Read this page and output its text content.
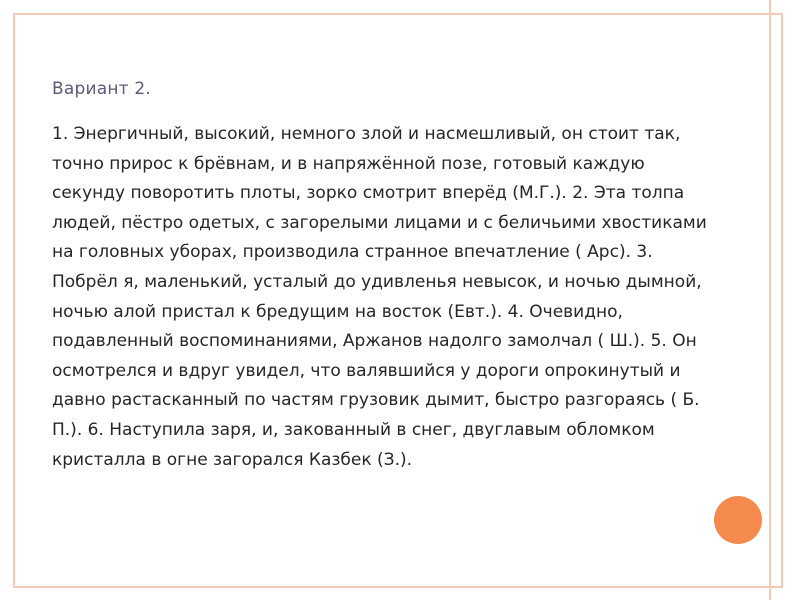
Вариант 2.
1. Энергичный, высокий, немного злой и насмешливый, он стоит так,
точно прирос к брёвнам, и в напряжённой позе, готовый каждую
секунду поворотить плоты, зорко смотрит вперёд (М.Г.). 2. Эта толпа
людей, пёстро одетых, с загорелыми лицами и с беличьими хвостиками
на головных уборах, производила странное впечатление ( Арс). 3.
Побрёл я, маленький, усталый до удивленья невысок, и ночью дымной,
ночью алой пристал к бредущим на восток (Евт.). 4. Очевидно,
подавленный воспоминаниями, Аржанов надолго замолчал ( Ш.). 5. Он
осмотрелся и вдруг увидел, что валявшийся у дороги опрокинутый и
давно растасканный по частям грузовик дымит, быстро разгораясь ( Б.
П.). 6. Наступила заря, и, закованный в снег, двуглавым обломком
кристалла в огне загорался Казбек (З.).
